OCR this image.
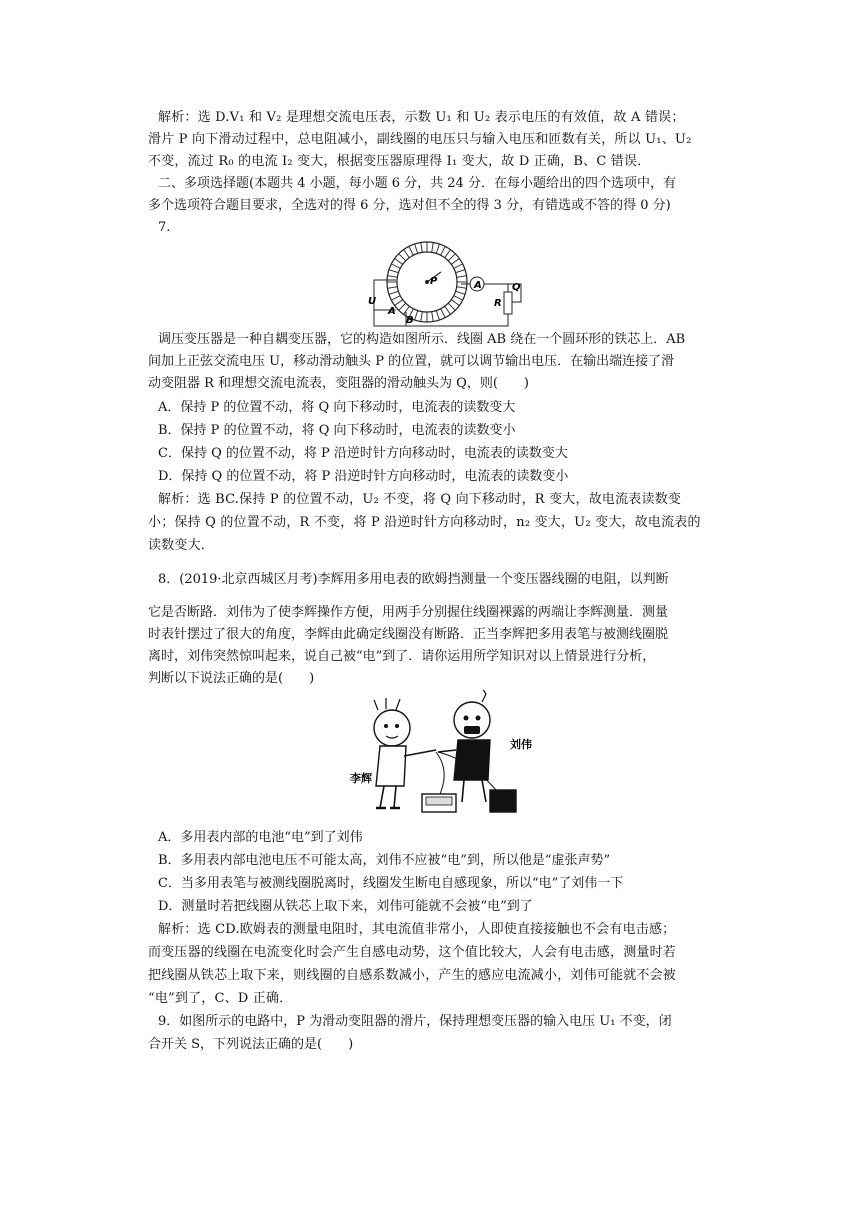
解析：选 D.V₁ 和 V₂ 是理想交流电压表，示数 U₁ 和 U₂ 表示电压的有效值，故 A 错误；
滑片 P 向下滑动过程中，总电阻减小，副线圈的电压只与输入电压和匝数有关，所以 U₁、U₂
不变，流过 R₀ 的电流 I₂ 变大，根据变压器原理得 I₁ 变大，故 D 正确，B、C 错误．
二、多项选择题(本题共 4 小题，每小题 6 分，共 24 分．在每小题给出的四个选项中，有
多个选项符合题目要求，全选对的得 6 分，选对但不全的得 3 分，有错选或不答的得 0 分)
7.
调压变压器是一种自耦变压器，它的构造如图所示．线圈 AB 绕在一个圆环形的铁芯上．AB
间加上正弦交流电压 U，移动滑动触头 P 的位置，就可以调节输出电压．在输出端连接了滑
动变阻器 R 和理想交流电流表，变阻器的滑动触头为 Q，则(　　)
A．保持 P 的位置不动，将 Q 向下移动时，电流表的读数变大
B．保持 P 的位置不动，将 Q 向下移动时，电流表的读数变小
C．保持 Q 的位置不动，将 P 沿逆时针方向移动时，电流表的读数变大
D．保持 Q 的位置不动，将 P 沿逆时针方向移动时，电流表的读数变小
解析：选 BC.保持 P 的位置不动，U₂ 不变，将 Q 向下移动时，R 变大，故电流表读数变
小；保持 Q 的位置不动，R 不变，将 P 沿逆时针方向移动时，n₂ 变大，U₂ 变大，故电流表的
读数变大．
8．(2019·北京西城区月考)李辉用多用电表的欧姆挡测量一个变压器线圈的电阻，以判断
它是否断路．刘伟为了使李辉操作方便，用两手分别握住线圈裸露的两端让李辉测量．测量
时表针摆过了很大的角度，李辉由此确定线圈没有断路．正当李辉把多用表笔与被测线圈脱
离时，刘伟突然惊叫起来，说自己被“电”到了．请你运用所学知识对以上情景进行分析，
判断以下说法正确的是(　　)
A．多用表内部的电池“电”到了刘伟
B．多用表内部电池电压不可能太高，刘伟不应被“电”到，所以他是“虚张声势”
C．当多用表笔与被测线圈脱离时，线圈发生断电自感现象，所以“电”了刘伟一下
D．测量时若把线圈从铁芯上取下来，刘伟可能就不会被“电”到了
解析：选 CD.欧姆表的测量电阻时，其电流值非常小，人即使直接接触也不会有电击感；
而变压器的线圈在电流变化时会产生自感电动势，这个值比较大，人会有电击感，测量时若
把线圈从铁芯上取下来，则线圈的自感系数减小，产生的感应电流减小，刘伟可能就不会被
“电”到了，C、D 正确．
9．如图所示的电路中，P 为滑动变阻器的滑片，保持理想变压器的输入电压 U₁ 不变，闭
合开关 S，下列说法正确的是(　　)
A
U
A
B
P
Q
R
李辉
刘伟
